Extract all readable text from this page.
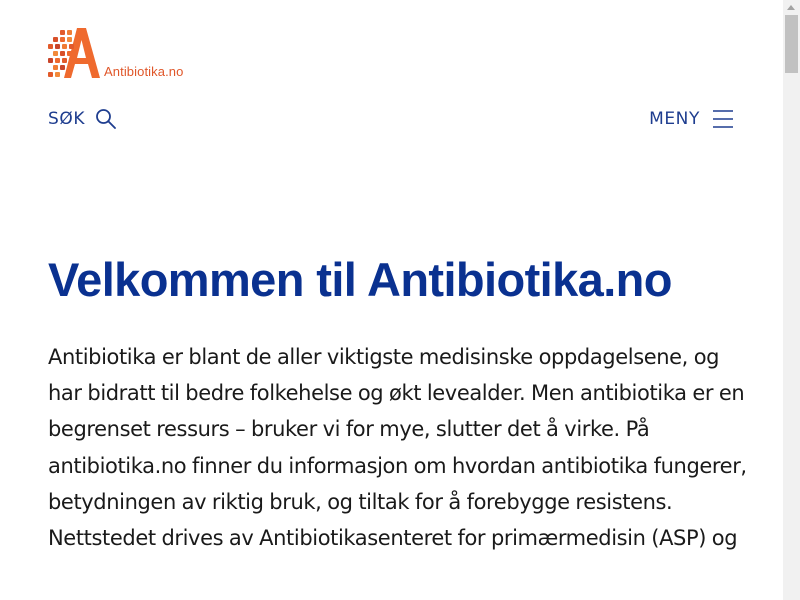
Antibiotika.no
SØK	MENY
Velkommen til Antibiotika.no

Antibiotika er blant de aller viktigste medisinske oppdagelsene, og har bidratt til bedre folkehelse og økt levealder. Men antibiotika er en begrenset ressurs – bruker vi for mye, slutter det å virke. På antibiotika.no finner du informasjon om hvordan antibiotika fungerer, betydningen av riktig bruk, og tiltak for å forebygge resistens. Nettstedet drives av Antibiotikasenteret for primærmedisin (ASP) og
